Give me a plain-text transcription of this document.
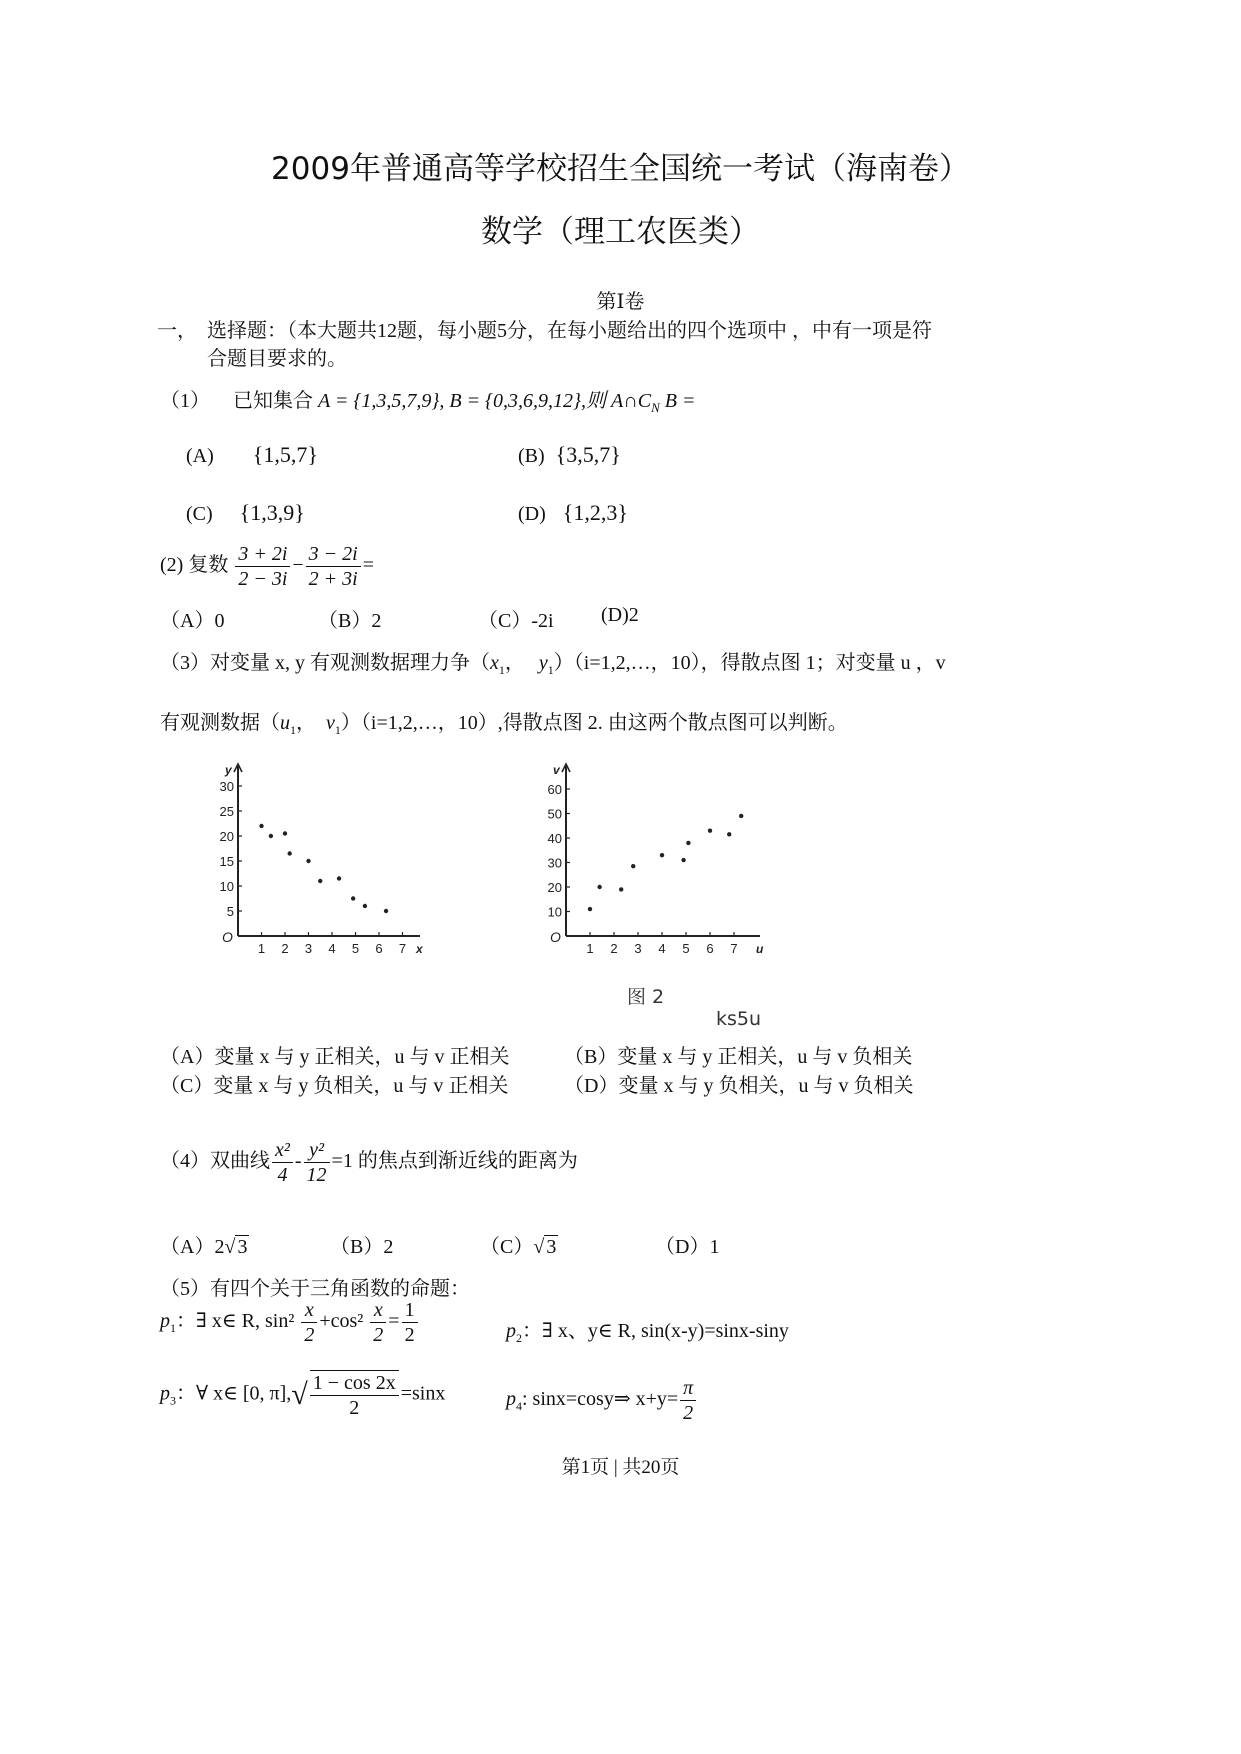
2009年普通高等学校招生全国统一考试（海南卷）
数学（理工农医类）
第Ⅰ卷
一， 选择题：（本大题共12题，每小题5分，在每小题给出的四个选项中 ，中有一项是符
合题目要求的。
（1） 已知集合 A = {1,3,5,7,9}, B = {0,3,6,9,12},则 $A\cap C_N$ B =
(A) {1,5,7}	(B) {3,5,7}
(C) {1,3,9}	(D) {1,2,3}
(2) 复数 $\frac{3 + 2i}{2 - 3i} - \frac{3 - 2i}{2 + 3i}$ =
（A）0	（B）2	（C）-2i (D)2
（3）对变量 x, y 有观测数据理力争（$x_1$， $y_1)(i=1,2,\dots$，10），得散点图 1；对变量 u ，v
有观测数据（$u_1$， $v_1)(i=1,2,\dots$，10）,得散点图 2. 由这两个散点图可以判断。
y
O
5
10
15
20
25
30
1 2 3 4 5 6 7 x
v
O
10
20
30
40
50
60
1 2 3 4 5 6 7 u
图 2
ks5u
（A）变量 x 与 y 正相关，u 与 v 正相关	（B）变量 x 与 y 正相关，u 与 v 负相关
（C）变量 x 与 y 负相关，u 与 v 正相关	（D）变量 x 与 y 负相关，u 与 v 负相关
（4）双曲线 $\frac{\text{x²}}{4} - \frac{\text{y²}}{12} =1$ 的焦点到渐近线的距离为
（A）2√ 3	（B）2	（C）√ 3	（D）1
（5）有四个关于三角函数的命题：
$p_1$：∃ x∈ R, $\sin^2 \frac{x}{2} +\cos^2 \frac{x}{2} = \frac{1}{2}$	$p_2$：∃ x、y∈ R, sin(x-y)=sinx-siny
$p_3$：∀ x∈ [0, $\pi],√ \frac{1 - \cos 2x}{2} =\sin x$	$p_4$: sinx=cosy⇒ $x+y= \frac{\pi}{2}$
第1页 | 共20页
